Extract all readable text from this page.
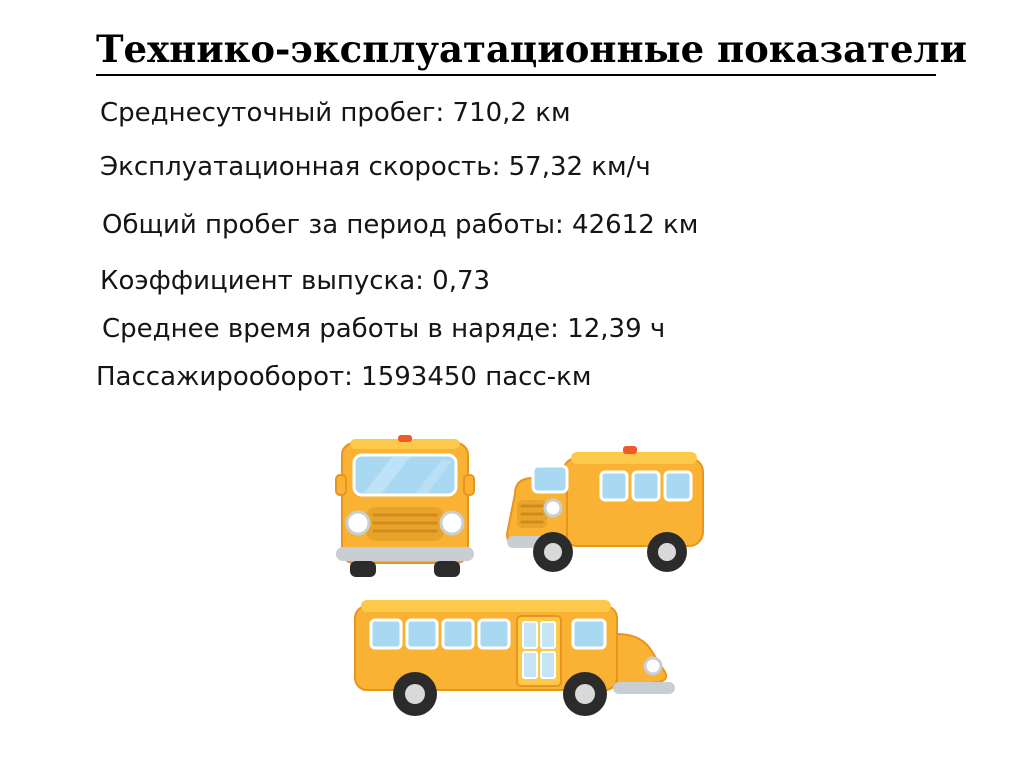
Технико-эксплуатационные показатели
Среднесуточный пробег: 710,2 км
Эксплуатационная скорость: 57,32 км/ч
Общий пробег за период работы: 42612 км
Коэффициент выпуска: 0,73
Среднее время работы в наряде: 12,39 ч
Пассажирооборот: 1593450 пасс-км
